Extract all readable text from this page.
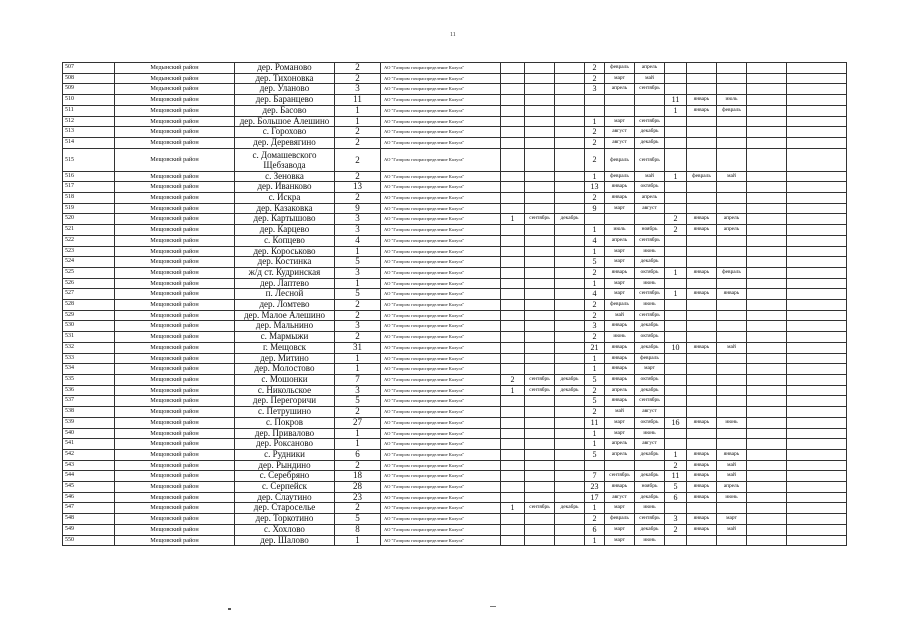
11
507	Медынский район	дер. Романово	2	АО "Газпром газораспределение Калуга"				2	февраль	апрель					
508	Медынский район	дер. Тихоновка	2	АО "Газпром газораспределение Калуга"				2	март	май					
509	Медынский район	дер. Уланово	3	АО "Газпром газораспределение Калуга"				3	апрель	сентябрь					
510	Мещовский район	дер. Баранцево	11	АО "Газпром газораспределение Калуга"							11	январь	июль		
511	Мещовский район	дер. Басово	1	АО "Газпром газораспределение Калуга"							1	январь	февраль		
512	Мещовский район	дер. Большое Алешино	1	АО "Газпром газораспределение Калуга"				1	март	сентябрь					
513	Мещовский район	с. Горохово	2	АО "Газпром газораспределение Калуга"				2	август	декабрь					
514	Мещовский район	дер. Деревягино	2	АО "Газпром газораспределение Калуга"				2	август	декабрь					
515	Мещовский район	с. Домашевского Щебзавода	2	АО "Газпром газораспределение Калуга"				2	февраль	сентябрь					
516	Мещовский район	с. Зеновка	2	АО "Газпром газораспределение Калуга"				1	февраль	май	1	февраль	май		
517	Мещовский район	дер. Иванково	13	АО "Газпром газораспределение Калуга"				13	январь	октябрь					
518	Мещовский район	с. Искра	2	АО "Газпром газораспределение Калуга"				2	январь	апрель					
519	Мещовский район	дер. Казаковка	9	АО "Газпром газораспределение Калуга"				9	март	август					
520	Мещовский район	дер. Картышово	3	АО "Газпром газораспределение Калуга"	1	сентябрь	декабрь				2	январь	апрель		
521	Мещовский район	дер. Карцево	3	АО "Газпром газораспределение Калуга"				1	июль	ноябрь	2	январь	апрель		
522	Мещовский район	с. Копцево	4	АО "Газпром газораспределение Калуга"				4	апрель	сентябрь					
523	Мещовский район	дер. Короськово	1	АО "Газпром газораспределение Калуга"				1	март	июнь					
524	Мещовский район	дер. Костинка	5	АО "Газпром газораспределение Калуга"				5	март	декабрь					
525	Мещовский район	ж/д ст. Кудринская	3	АО "Газпром газораспределение Калуга"				2	январь	октябрь	1	январь	февраль		
526	Мещовский район	дер. Лаптево	1	АО "Газпром газораспределение Калуга"				1	март	июнь					
527	Мещовский район	п. Лесной	5	АО "Газпром газораспределение Калуга"				4	март	сентябрь	1	январь	январь		
528	Мещовский район	дер. Ломтево	2	АО "Газпром газораспределение Калуга"				2	февраль	июнь					
529	Мещовский район	дер. Малое Алешино	2	АО "Газпром газораспределение Калуга"				2	май	сентябрь					
530	Мещовский район	дер. Мальнино	3	АО "Газпром газораспределение Калуга"				3	январь	декабрь					
531	Мещовский район	с. Мармыжи	2	АО "Газпром газораспределение Калуга"				2	июнь	октябрь					
532	Мещовский район	г. Мещовск	31	АО "Газпром газораспределение Калуга"				21	январь	декабрь	10	январь	май		
533	Мещовский район	дер. Митино	1	АО "Газпром газораспределение Калуга"				1	январь	февраль					
534	Мещовский район	дер. Молостово	1	АО "Газпром газораспределение Калуга"				1	январь	март					
535	Мещовский район	с. Мошонки	7	АО "Газпром газораспределение Калуга"	2	сентябрь	декабрь	5	январь	октябрь					
536	Мещовский район	с. Никольское	3	АО "Газпром газораспределение Калуга"	1	сентябрь	декабрь	2	апрель	декабрь					
537	Мещовский район	дер. Перегоричи	5	АО "Газпром газораспределение Калуга"				5	январь	сентябрь					
538	Мещовский район	с. Петрушино	2	АО "Газпром газораспределение Калуга"				2	май	август					
539	Мещовский район	с. Покров	27	АО "Газпром газораспределение Калуга"				11	март	октябрь	16	январь	июнь		
540	Мещовский район	дер. Привалово	1	АО "Газпром газораспределение Калуга"				1	март	июнь					
541	Мещовский район	дер. Роксаново	1	АО "Газпром газораспределение Калуга"				1	апрель	август					
542	Мещовский район	с. Рудники	6	АО "Газпром газораспределение Калуга"				5	апрель	декабрь	1	январь	январь		
543	Мещовский район	дер. Рындино	2	АО "Газпром газораспределение Калуга"							2	январь	май		
544	Мещовский район	с. Серебряно	18	АО "Газпром газораспределение Калуга"				7	сентябрь	декабрь	11	январь	май		
545	Мещовский район	с. Серпейск	28	АО "Газпром газораспределение Калуга"				23	январь	ноябрь	5	январь	апрель		
546	Мещовский район	дер. Слаутино	23	АО "Газпром газораспределение Калуга"				17	август	декабрь	6	январь	июнь		
547	Мещовский район	дер. Староселье	2	АО "Газпром газораспределение Калуга"	1	сентябрь	декабрь	1	март	июнь					
548	Мещовский район	дер. Торкотино	5	АО "Газпром газораспределение Калуга"				2	февраль	сентябрь	3	январь	март		
549	Мещовский район	с. Хохлово	8	АО "Газпром газораспределение Калуга"				6	март	декабрь	2	январь	май		
550	Мещовский район	дер. Шалово	1	АО "Газпром газораспределение Калуга"				1	март	июнь					
